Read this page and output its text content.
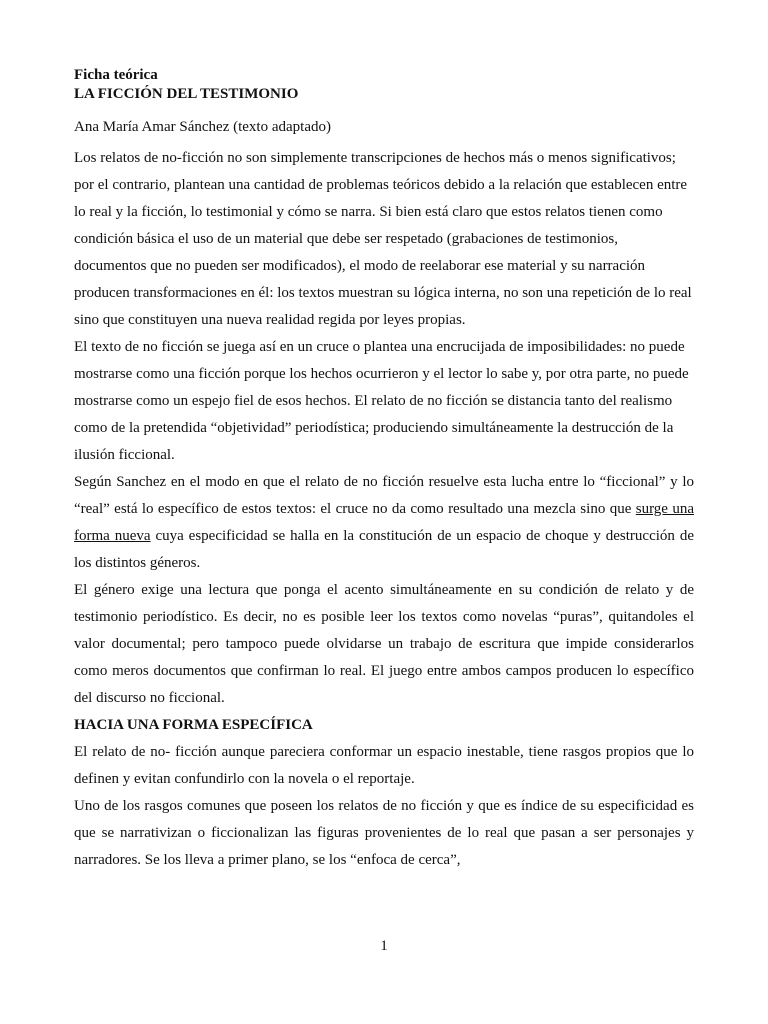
Ficha teórica

LA FICCIÓN DEL TESTIMONIO

Ana María Amar Sánchez (texto adaptado)

Los relatos de no-ficción no son simplemente transcripciones de hechos más o menos significativos; por el contrario, plantean una cantidad de problemas teóricos debido a la relación que establecen entre lo real y la ficción, lo testimonial y cómo se narra. Si bien está claro que estos relatos tienen como condición básica el uso de un material que debe ser respetado (grabaciones de testimonios, documentos que no pueden ser modificados), el modo de reelaborar ese material y su narración producen transformaciones en él: los textos muestran su lógica interna, no son una repetición de lo real sino que constituyen una nueva realidad regida por leyes propias.

El texto de no ficción se juega así en un cruce o plantea una encrucijada de imposibilidades: no puede mostrarse como una ficción porque los hechos ocurrieron y el lector lo sabe y, por otra parte, no puede mostrarse como un espejo fiel de esos hechos. El relato de no ficción se distancia tanto del realismo como de la pretendida “objetividad” periodística; produciendo simultáneamente la destrucción de la ilusión ficcional.

Según Sanchez en el modo en que el relato de no ficción resuelve esta lucha entre lo “ficcional” y lo “real” está lo específico de estos textos: el cruce no da como resultado una mezcla sino que surge una forma nueva cuya especificidad se halla en la constitución de un espacio de choque y destrucción de los distintos géneros.

El género exige una lectura que ponga el acento simultáneamente en su condición de relato y de testimonio periodístico. Es decir, no es posible leer los textos como novelas “puras”, quitandoles el valor documental; pero tampoco puede olvidarse un trabajo de escritura que impide considerarlos como meros documentos que confirman lo real. El juego entre ambos campos producen lo específico del discurso no ficcional.

HACIA UNA FORMA ESPECÍFICA

El relato de no- ficción aunque pareciera conformar un espacio inestable, tiene rasgos propios que lo definen y evitan confundirlo con la novela o el reportaje.

Uno de los rasgos comunes que poseen los relatos de no ficción y que es índice de su especificidad es que se narrativizan o ficcionalizan las figuras provenientes de lo real que pasan a ser personajes y narradores. Se los lleva a primer plano, se los “enfoca de cerca”,

1
